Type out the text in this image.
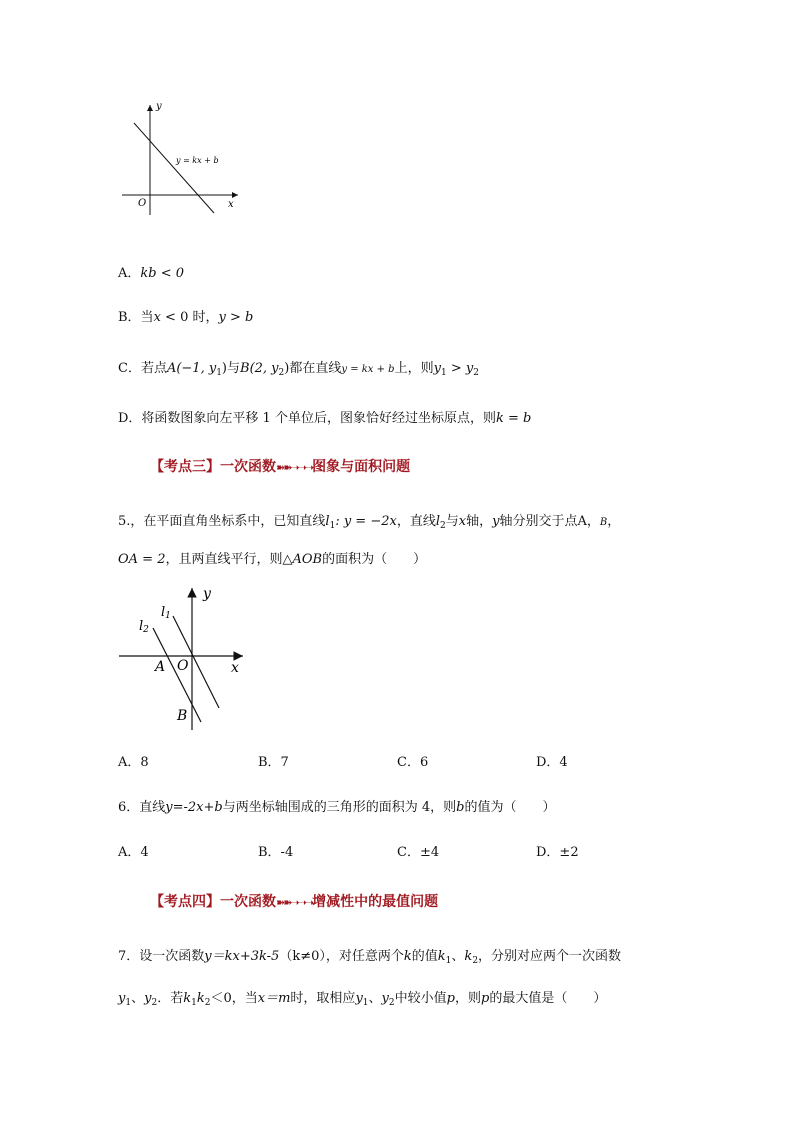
y
x
O
y = kx + b
A．kb < 0
B．当x < 0 时，y > b
C．若点A(−1, $y_1$)与B(2, $y_2$)都在直线y = kx + b上，则$y_1 > y_2$
D．将函数图象向左平移 1 个单位后，图象恰好经过坐标原点，则k = b
【考点三】一次函数➽➽➝➝➝图象与面积问题
5.，在平面直角坐标系中，已知直线$l_1$: y = −2x，直线$l_2$与x轴，y轴分别交于点A，B，
OA = 2，且两直线平行，则△AOB的面积为（　　）
y
x
O
A
B
l1
l2
A．8	B．7	C．6	D．4
6．直线y=-2x+b与两坐标轴围成的三角形的面积为 4，则b的值为（　　）
A．4	B．-4	C．±4	D．±2
【考点四】一次函数➽➽➝➝➝增减性中的最值问题
7．设一次函数y＝kx+3k-5（k≠0），对任意两个k的值$k_1$、$k_2$，分别对应两个一次函数
$y_1$、$y_2$．若$k_1k_2<0$，当x＝m时，取相应$y_1$、$y_2$中较小值p，则p的最大值是（　　）
